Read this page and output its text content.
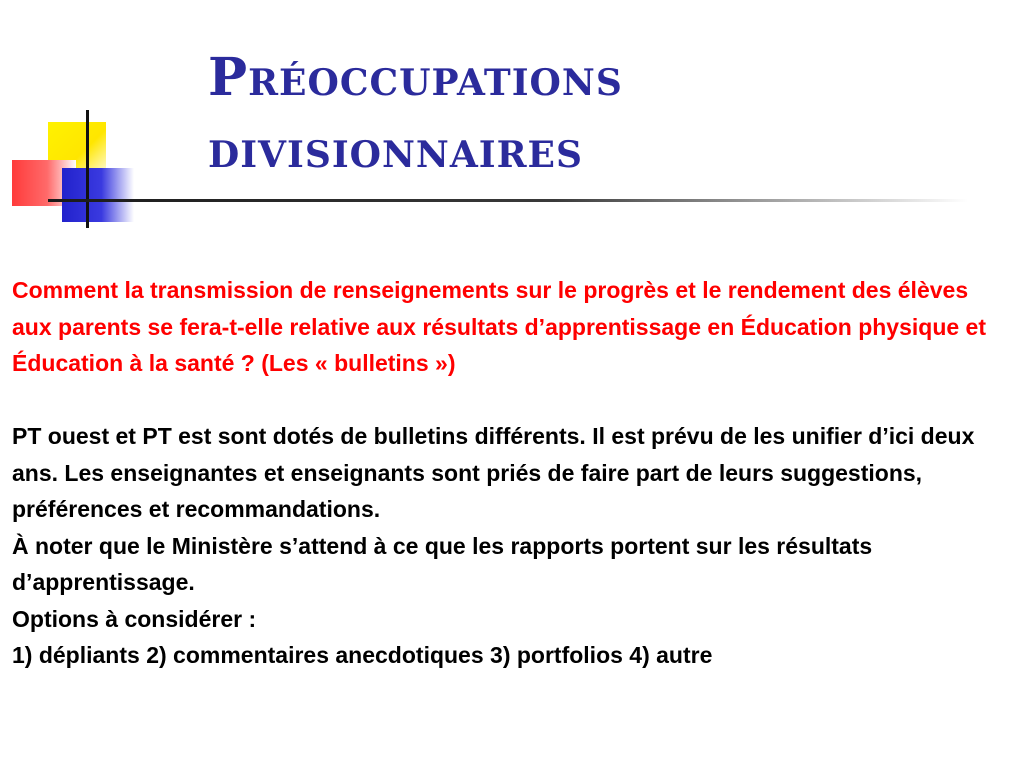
Préoccupations
divisionnaires

Comment la transmission de renseignements sur le progrès et le rendement des élèves aux parents se fera-t-elle relative aux résultats d’apprentissage en Éducation physique et Éducation à la santé ? (Les « bulletins »)

PT ouest et PT est sont dotés de bulletins différents. Il est prévu de les unifier d’ici deux ans. Les enseignantes et enseignants sont priés de faire part de leurs suggestions, préférences et recommandations.

À noter que le Ministère s’attend à ce que les rapports portent sur les résultats d’apprentissage.

Options à considérer :

1) dépliants 2) commentaires anecdotiques 3) portfolios 4) autre
